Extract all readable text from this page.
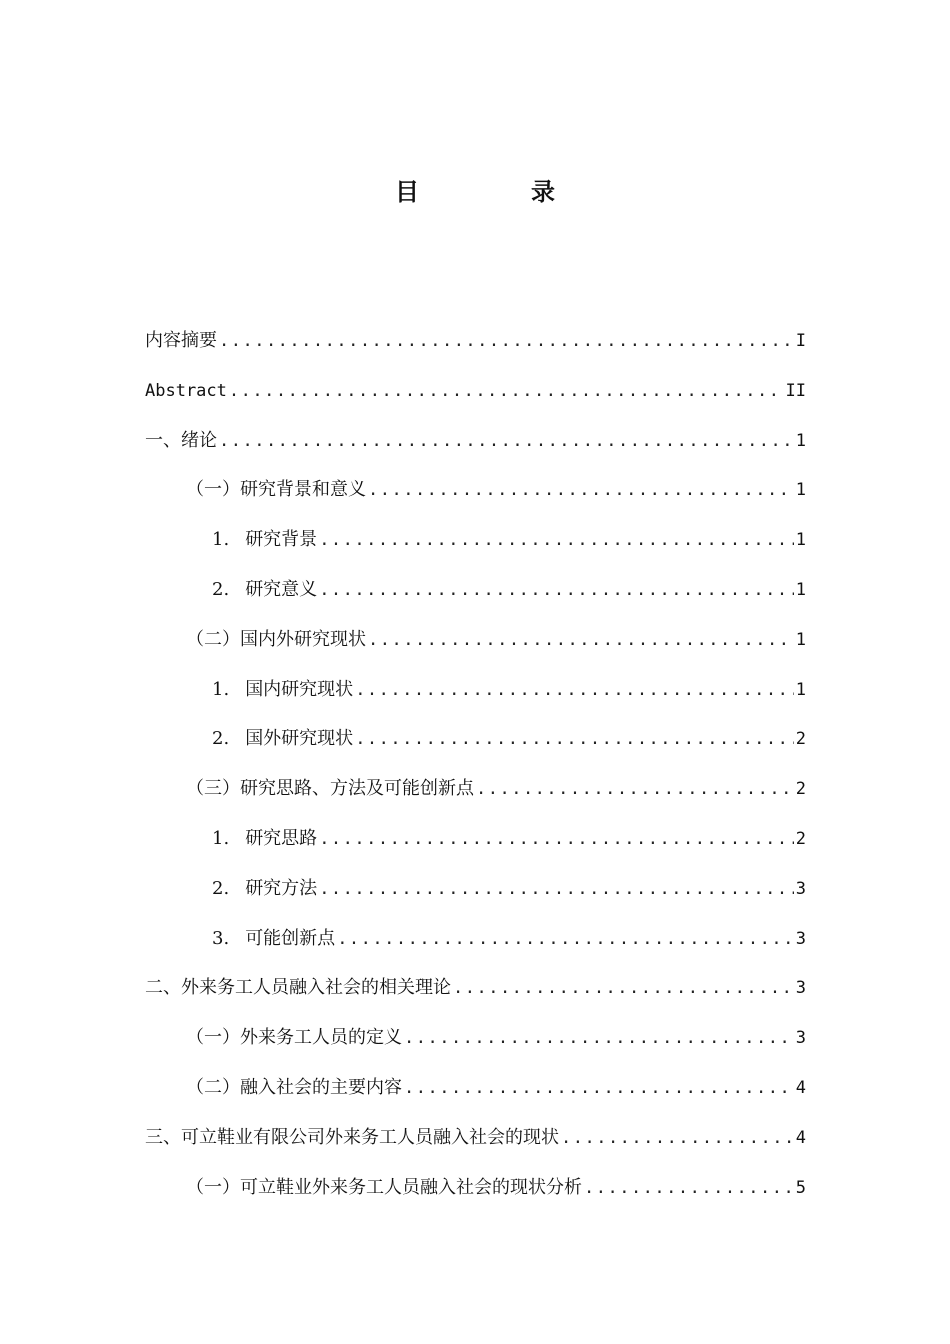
目　录
内容摘要 .....	I
Abstract .....	II
一、绪论 .....	1
（一）研究背景和意义 .....	1
1. 研究背景 .....	1
2. 研究意义 .....	1
（二）国内外研究现状 .....	1
1. 国内研究现状 .....	1
2. 国外研究现状 .....	2
（三）研究思路、方法及可能创新点 .....	2
1. 研究思路 .....	2
2. 研究方法 .....	3
3. 可能创新点 .....	3
二、外来务工人员融入社会的相关理论 .....	3
（一）外来务工人员的定义 .....	3
（二）融入社会的主要内容 .....	4
三、可立鞋业有限公司外来务工人员融入社会的现状 .....	4
（一）可立鞋业外来务工人员融入社会的现状分析 .....	5
